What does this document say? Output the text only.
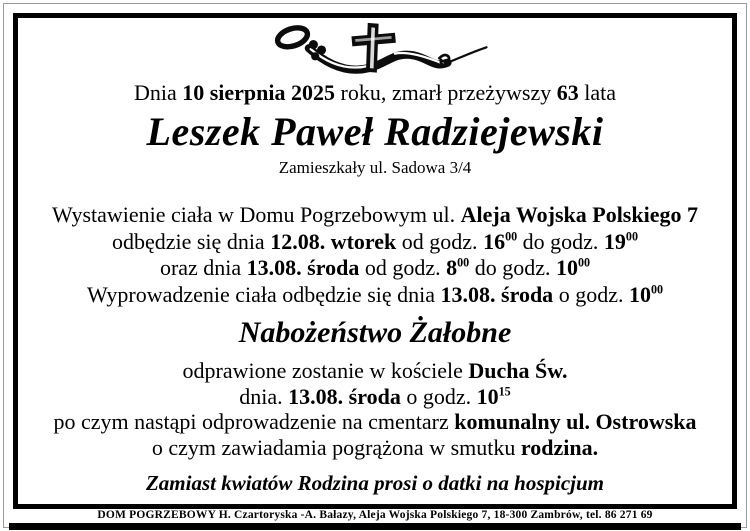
Dnia 10 sierpnia 2025 roku, zmarł przeżywszy 63 lata
Leszek Paweł Radziejewski
Zamieszkały ul. Sadowa 3/4
Wystawienie ciała w Domu Pogrzebowym ul. Aleja Wojska Polskiego 7
odbędzie się dnia 12.08. wtorek od godz. $16^{00}$ do godz. $19^{00}$
oraz dnia 13.08. środa od godz. $8^{00}$ do godz. $10^{00}$
Wyprowadzenie ciała odbędzie się dnia 13.08. środa o godz. $10^{00}$
Nabożeństwo Żałobne
odprawione zostanie w kościele Ducha Św.
dnia. 13.08. środa o godz. $10^{15}$
po czym nastąpi odprowadzenie na cmentarz komunalny ul. Ostrowska
o czym zawiadamia pogrążona w smutku rodzina.
Zamiast kwiatów Rodzina prosi o datki na hospicjum
DOM POGRZEBOWY H. Czartoryska -A. Bałazy, Aleja Wojska Polskiego 7, 18-300 Zambrów, tel. 86 271 69
